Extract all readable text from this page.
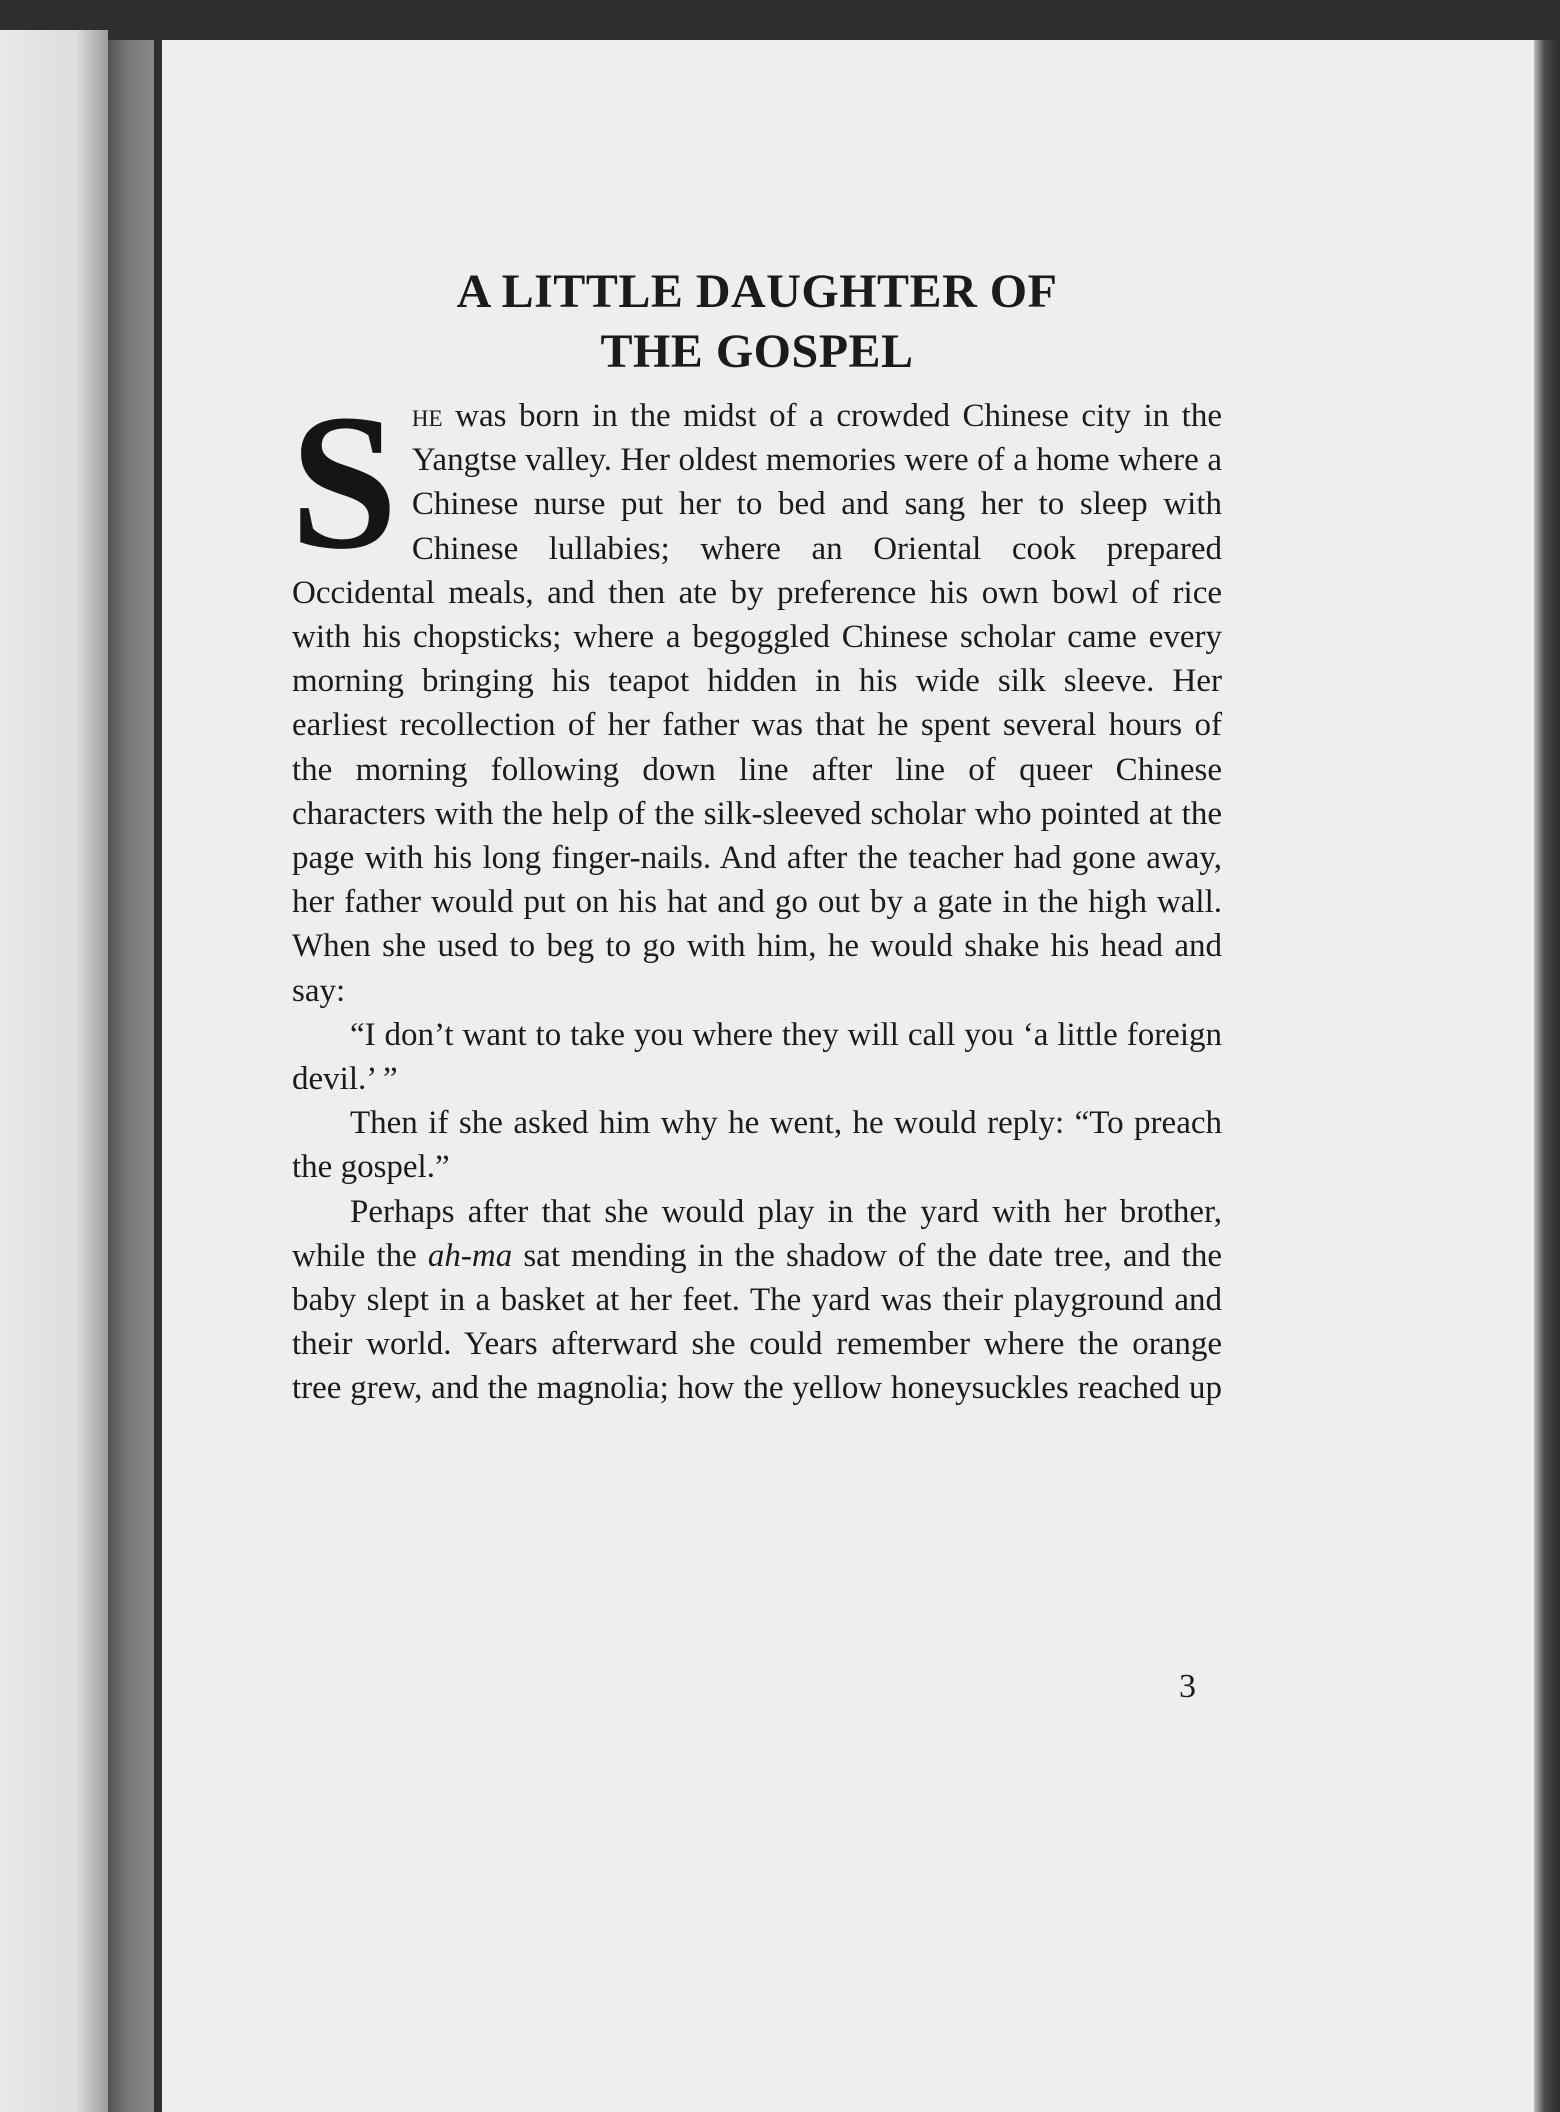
A LITTLE DAUGHTER OF
THE GOSPEL

She was born in the midst of a crowded Chinese city in the Yangtse valley. Her oldest memories were of a home where a Chinese nurse put her to bed and sang her to sleep with Chinese lullabies; where an Oriental cook prepared Occidental meals, and then ate by preference his own bowl of rice with his chopsticks; where a begoggled Chinese scholar came every morning bringing his teapot hidden in his wide silk sleeve. Her earliest recollection of her father was that he spent several hours of the morning following down line after line of queer Chinese characters with the help of the silk-sleeved scholar who pointed at the page with his long finger-nails. And after the teacher had gone away, her father would put on his hat and go out by a gate in the high wall. When she used to beg to go with him, he would shake his head and say:

“I don’t want to take you where they will call you ‘a little foreign devil.’ ”

Then if she asked him why he went, he would reply: “To preach the gospel.”

Perhaps after that she would play in the yard with her brother, while the ah-ma sat mending in the shadow of the date tree, and the baby slept in a basket at her feet. The yard was their playground and their world. Years afterward she could remember where the orange tree grew, and the magnolia; how the yellow honeysuckles reached up

3
